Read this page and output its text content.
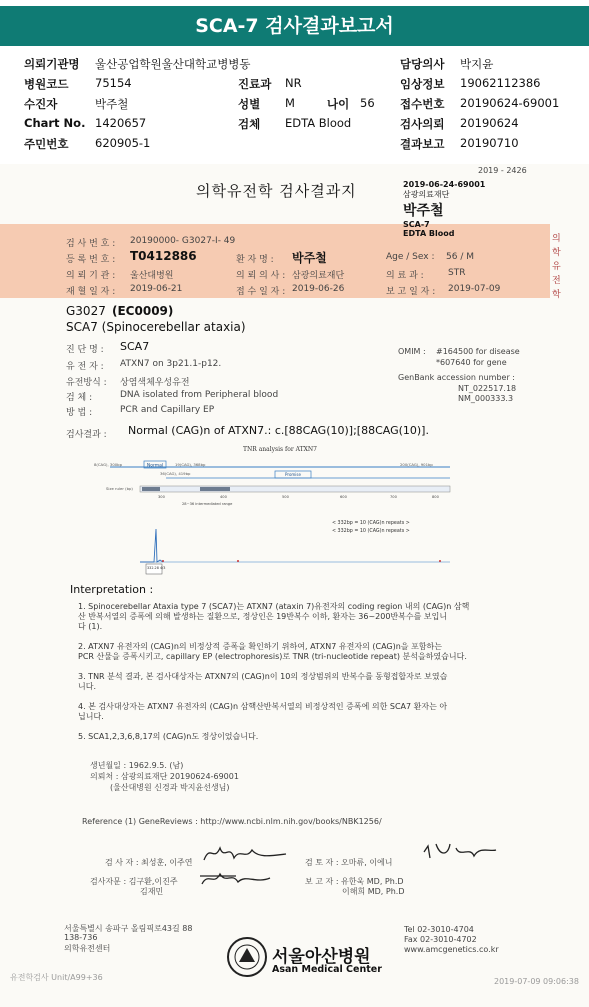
SCA-7 검사결과보고서
의뢰기관명 울산공업학원울산대학교병병동	담당의사 박지윤
병원코드 75154	진료과 NR	임상정보 19062112386
수진자	박주철	성별 M	나이 56 접수번호 20190624-69001
Chart No. 1420657	검체 EDTA Blood	검사의뢰 20190624
주민번호 620905-1	결과보고 20190710
2019 - 2426
의학유전학 검사결과지	2019-06-24-69001
삼광의료재단
박주철
SCA-7
EDTA Blood
의학유전학
검 사 번 호 : 20190000- G3027-I- 49
등 록 번 호 : T0412886	환 자 명 : 박주철	Age / Sex : 56 / M
의 뢰 기 관 : 울산대병원	의 뢰 의 사 : 삼광의료재단	의 료 과 :	STR
재 혈 일 자 : 2019-06-21	접 수 일 자 : 2019-06-26	보 고 일 자 : 2019-07-09
G3027 (EC0009)
SCA7 (Spinocerebellar ataxia)
진 단 명 : SCA7
유 전 자 : ATXN7 on 3p21.1-p12.
유전방식 : 상염색체우성유전
검 체 :	DNA isolated from Peripheral blood
방 법 :	PCR and Capillary EP
OMIM : #164500 for disease
*607640 for gene
GenBank accession number :
NT_022517.18
NM_000333.3
검사결과 : Normal (CAG)n of ATXN7.: c.[88CAG(10)];[88CAG(10)].
TNR analysis for ATXN7
Normal
8(CAG), 300bp	19(CAG), 368bp
36(CAG), 419bp
200(CAG), 901bp
Promise
Size ruler (bp)
300	400	500	600	700	800
28~36 intermediated range
< 332bp = 10 (CAG)n repeats >
< 332bp = 10 (CAG)n repeats >
332.28 4/3
Interpretation :
1. Spinocerebellar Ataxia type 7 (SCA7)는 ATXN7 (ataxin 7)유전자의 coding region 내의 (CAG)n 삼핵
산 반복서열의 증폭에 의해 발생하는 질환으로, 정상인은 19반복수 이하, 환자는 36~200반복수를 보입니
다 (1).
2. ATXN7 유전자의 (CAG)n의 비정상적 증폭을 확인하기 위하여, ATXN7 유전자의 (CAG)n을 포함하는
PCR 산물을 증폭시키고, capillary EP (electrophoresis)로 TNR (tri-nucleotide repeat) 분석을하였습니다.
3. TNR 분석 결과, 본 검사대상자는 ATXN7의 (CAG)n이 10의 정상범위의 반복수를 동형접합자로 보였습
니다.
4. 본 검사대상자는 ATXN7 유전자의 (CAG)n 삼핵산반복서열의 비정상적인 증폭에 의한 SCA7 환자는 아
닙니다.
5. SCA1,2,3,6,8,17의 (CAG)n도 정상이었습니다.
생년월일 : 1962.9.5. (남)
의뢰처 : 삼광의료재단 20190624-69001
(울산대병원 신경과 박지윤선생님)
Reference (1) GeneReviews : http://www.ncbi.nlm.nih.gov/books/NBK1256/
검 사 자 : 최성훈, 이주연	검 토 자 : 오마류, 이에니
검사자문 : 김구환,이진주
김재민
보 고 자 : 유한욱 MD, Ph.D
이해희 MD, Ph.D
서울특별시 송파구 올림픽로43길 88
138-736
의학유전센터	서울아산병원
Asan Medical Center
Tel 02-3010-4704
Fax 02-3010-4702
www.amcgenetics.co.kr
유전학검사 Unit/A99+36	2019-07-09 09:06:38
